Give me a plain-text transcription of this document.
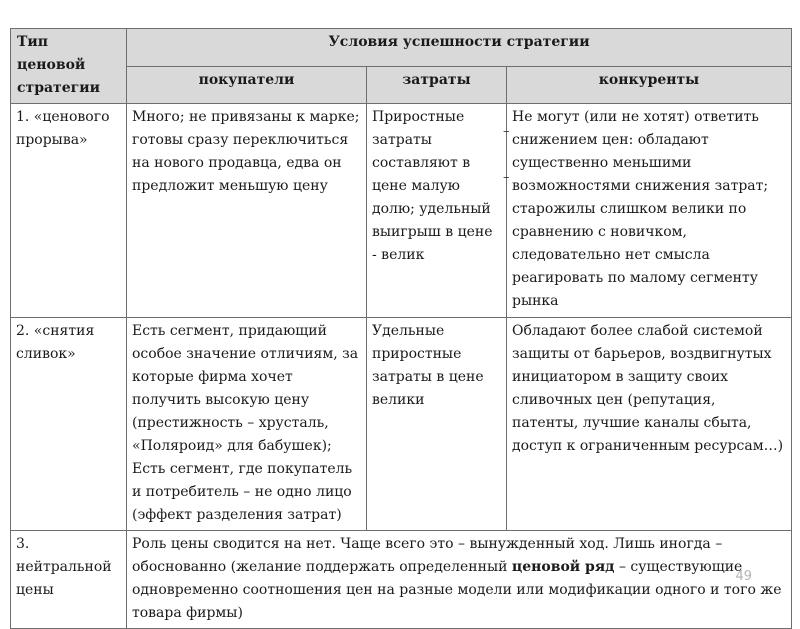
Тип ценовой стратегии	Условия успешности стратегии		
	покупатели	затраты	конкуренты
1. «ценового прорыва»	Много; не привязаны к марке; готовы сразу переключиться на нового продавца, едва он предложит меньшую цену	Приростные затраты составляют в цене малую долю; удельный выигрыш в цене - велик	Не могут (или не хотят) ответить снижением цен: обладают существенно меньшими возможностями снижения затрат; старожилы слишком велики по сравнению с новичком, следовательно нет смысла реагировать по малому сегменту рынка
2. «снятия сливок»	Есть сегмент, придающий особое значение отличиям, за которые фирма хочет получить высокую цену (престижность – хрусталь, «Поляроид» для бабушек); Есть сегмент, где покупатель и потребитель – не одно лицо (эффект разделения затрат)	Удельные приростные затраты в цене велики	Обладают более слабой системой защиты от барьеров, воздвигнутых инициатором в защиту своих сливочных цен (репутация, патенты, лучшие каналы сбыта, доступ к ограниченным ресурсам…)
3. нейтральной цены	Роль цены сводится на нет. Чаще всего это – вынужденный ход. Лишь иногда – обоснованно (желание поддержать определенный ценовой ряд – существующие одновременно соотношения цен на разные модели или модификации одного и того же товара фирмы)		
–
–
49
